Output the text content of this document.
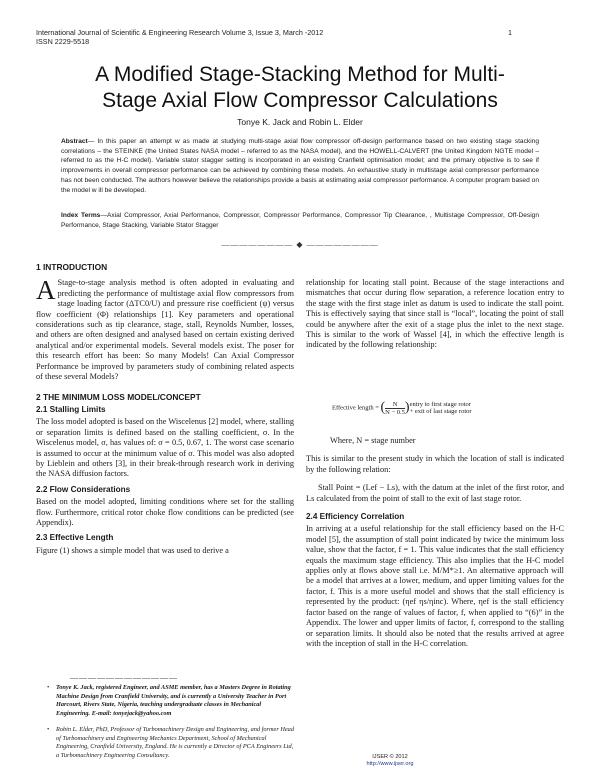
International Journal of Scientific & Engineering Research Volume 3, Issue 3, March -2012
ISSN 2229-5518
1
A Modified Stage-Stacking Method for Multi-
Stage Axial Flow Compressor Calculations
Tonye K. Jack and Robin L. Elder
Abstract— In this paper an attempt w as made at studying multi-stage axial flow compressor off-design performance based on two existing stage stacking correlations – the STEINKE (the United States NASA model – referred to as the NASA model), and the HOWELL-CALVERT (the United Kingdom NGTE model – referred to as the H-C model). Variable stator stagger setting is incorporated in an existing Cranfield optimisation model; and the primary objective is to see if improvements in overall compressor performance can be achieved by combining these models. An exhaustive study in multistage axial compressor performance has not been conducted. The authors however believe the relationships provide a basis at estimating axial compressor performance. A computer program based on the model w ill be developed.
Index Terms—Axial Compressor, Axial Performance, Compressor, Compressor Performance, Compressor Tip Clearance, , Multistage Compressor, Off-Design Performance, Stage Stacking, Variable Stator Stagger
———————— ◆ ————————
1 INTRODUCTION
A Stage-to-stage analysis method is often adopted in evaluating and predicting the performance of multistage axial flow compressors from stage loading factor (ΔTC0/U) and pressure rise coefficient (ψ) versus flow coefficient (Φ) relationships [1]. Key parameters and operational considerations such as tip clearance, stage, stall, Reynolds Number, losses, and others are often designed and analysed based on certain existing derived analytical and/or experimental models. Several models exist. The poser for this research effort has been: So many Models! Can Axial Compressor Performance be improved by parameters study of combining related aspects of these several Models?
2 THE MINIMUM LOSS MODEL/CONCEPT
2.1 Stalling Limits
The loss model adopted is based on the Wiscelenus [2] model, where, stalling or separation limits is defined based on the stalling coefficient, σ. In the Wiscelenus model, σ, has values of: σ = 0.5, 0.67, 1. The worst case scenario is assumed to occur at the minimum value of σ. This model was also adopted by Lieblein and others [3], in their break-through research work in deriving the NASA diffusion factors.
2.2 Flow Considerations
Based on the model adopted, limiting conditions where set for the stalling flow. Furthermore, critical rotor choke flow conditions can be predicted (see Appendix).
2.3 Effective Length
Figure (1) shows a simple model that was used to derive a
————————————
• Tonye K. Jack, registered Engineer, and ASME member, has a Masters Degree in Rotating Machine Design from Cranfield University, and is currently a University Teacher in Port Harcourt, Rivers State, Nigeria, teaching undergraduate classes in Mechanical Engineering. E-mail: tonyejack@yahoo.com
• Robin L. Elder, PhD, Professor of Turbomachinery Design and Engineering, and former Head of Turbomachinery and Engineering Mechanics Department, School of Mechanical Engineering, Cranfield University, England. He is currently a Director of PCA Engineers Ltd, a Turbomachinery Engineering Consultancy.
relationship for locating stall point. Because of the stage interactions and mismatches that occur during flow separation, a reference location entry to the stage with the first stage inlet as datum is used to indicate the stall point. This is effectively saying that since stall is “local”, locating the point of stall could be anywhere after the exit of a stage plus the inlet to the next stage. This is similar to the work of Wassel [4], in which the effective length is indicated by the following relationship:
Effective length = ( $\frac{N}{N - 0.5}$ ) entry to first stage rotor
+ exit of last stage rotor
Where, N = stage number
This is similar to the present study in which the location of stall is indicated by the following relation:
Stall Point = (Lef − Ls), with the datum at the inlet of the first rotor, and Ls calculated from the point of stall to the exit of last stage rotor.
2.4 Efficiency Correlation
In arriving at a useful relationship for the stall efficiency based on the H-C model [5], the assumption of stall point indicated by twice the minimum loss value, show that the factor, f = 1. This value indicates that the stall efficiency equals the maximum stage efficiency. This also implies that the H-C model applies only at flows above stall i.e. M/M*≥1. An alternative approach will be a model that arrives at a lower, medium, and upper limiting values for the factor, f. This is a more useful model and shows that the stall efficiency is represented by the product: (ηef ηs/ηinc). Where, ηef is the stall efficiency factor based on the range of values of factor, f, when applied to “(6)” in the Appendix. The lower and upper limits of factor, f, correspond to the stalling or separation limits. It should also be noted that the results arrived at agree with the inception of stall in the H-C correlation.
IJSER © 2012
http://www.ijser.org
